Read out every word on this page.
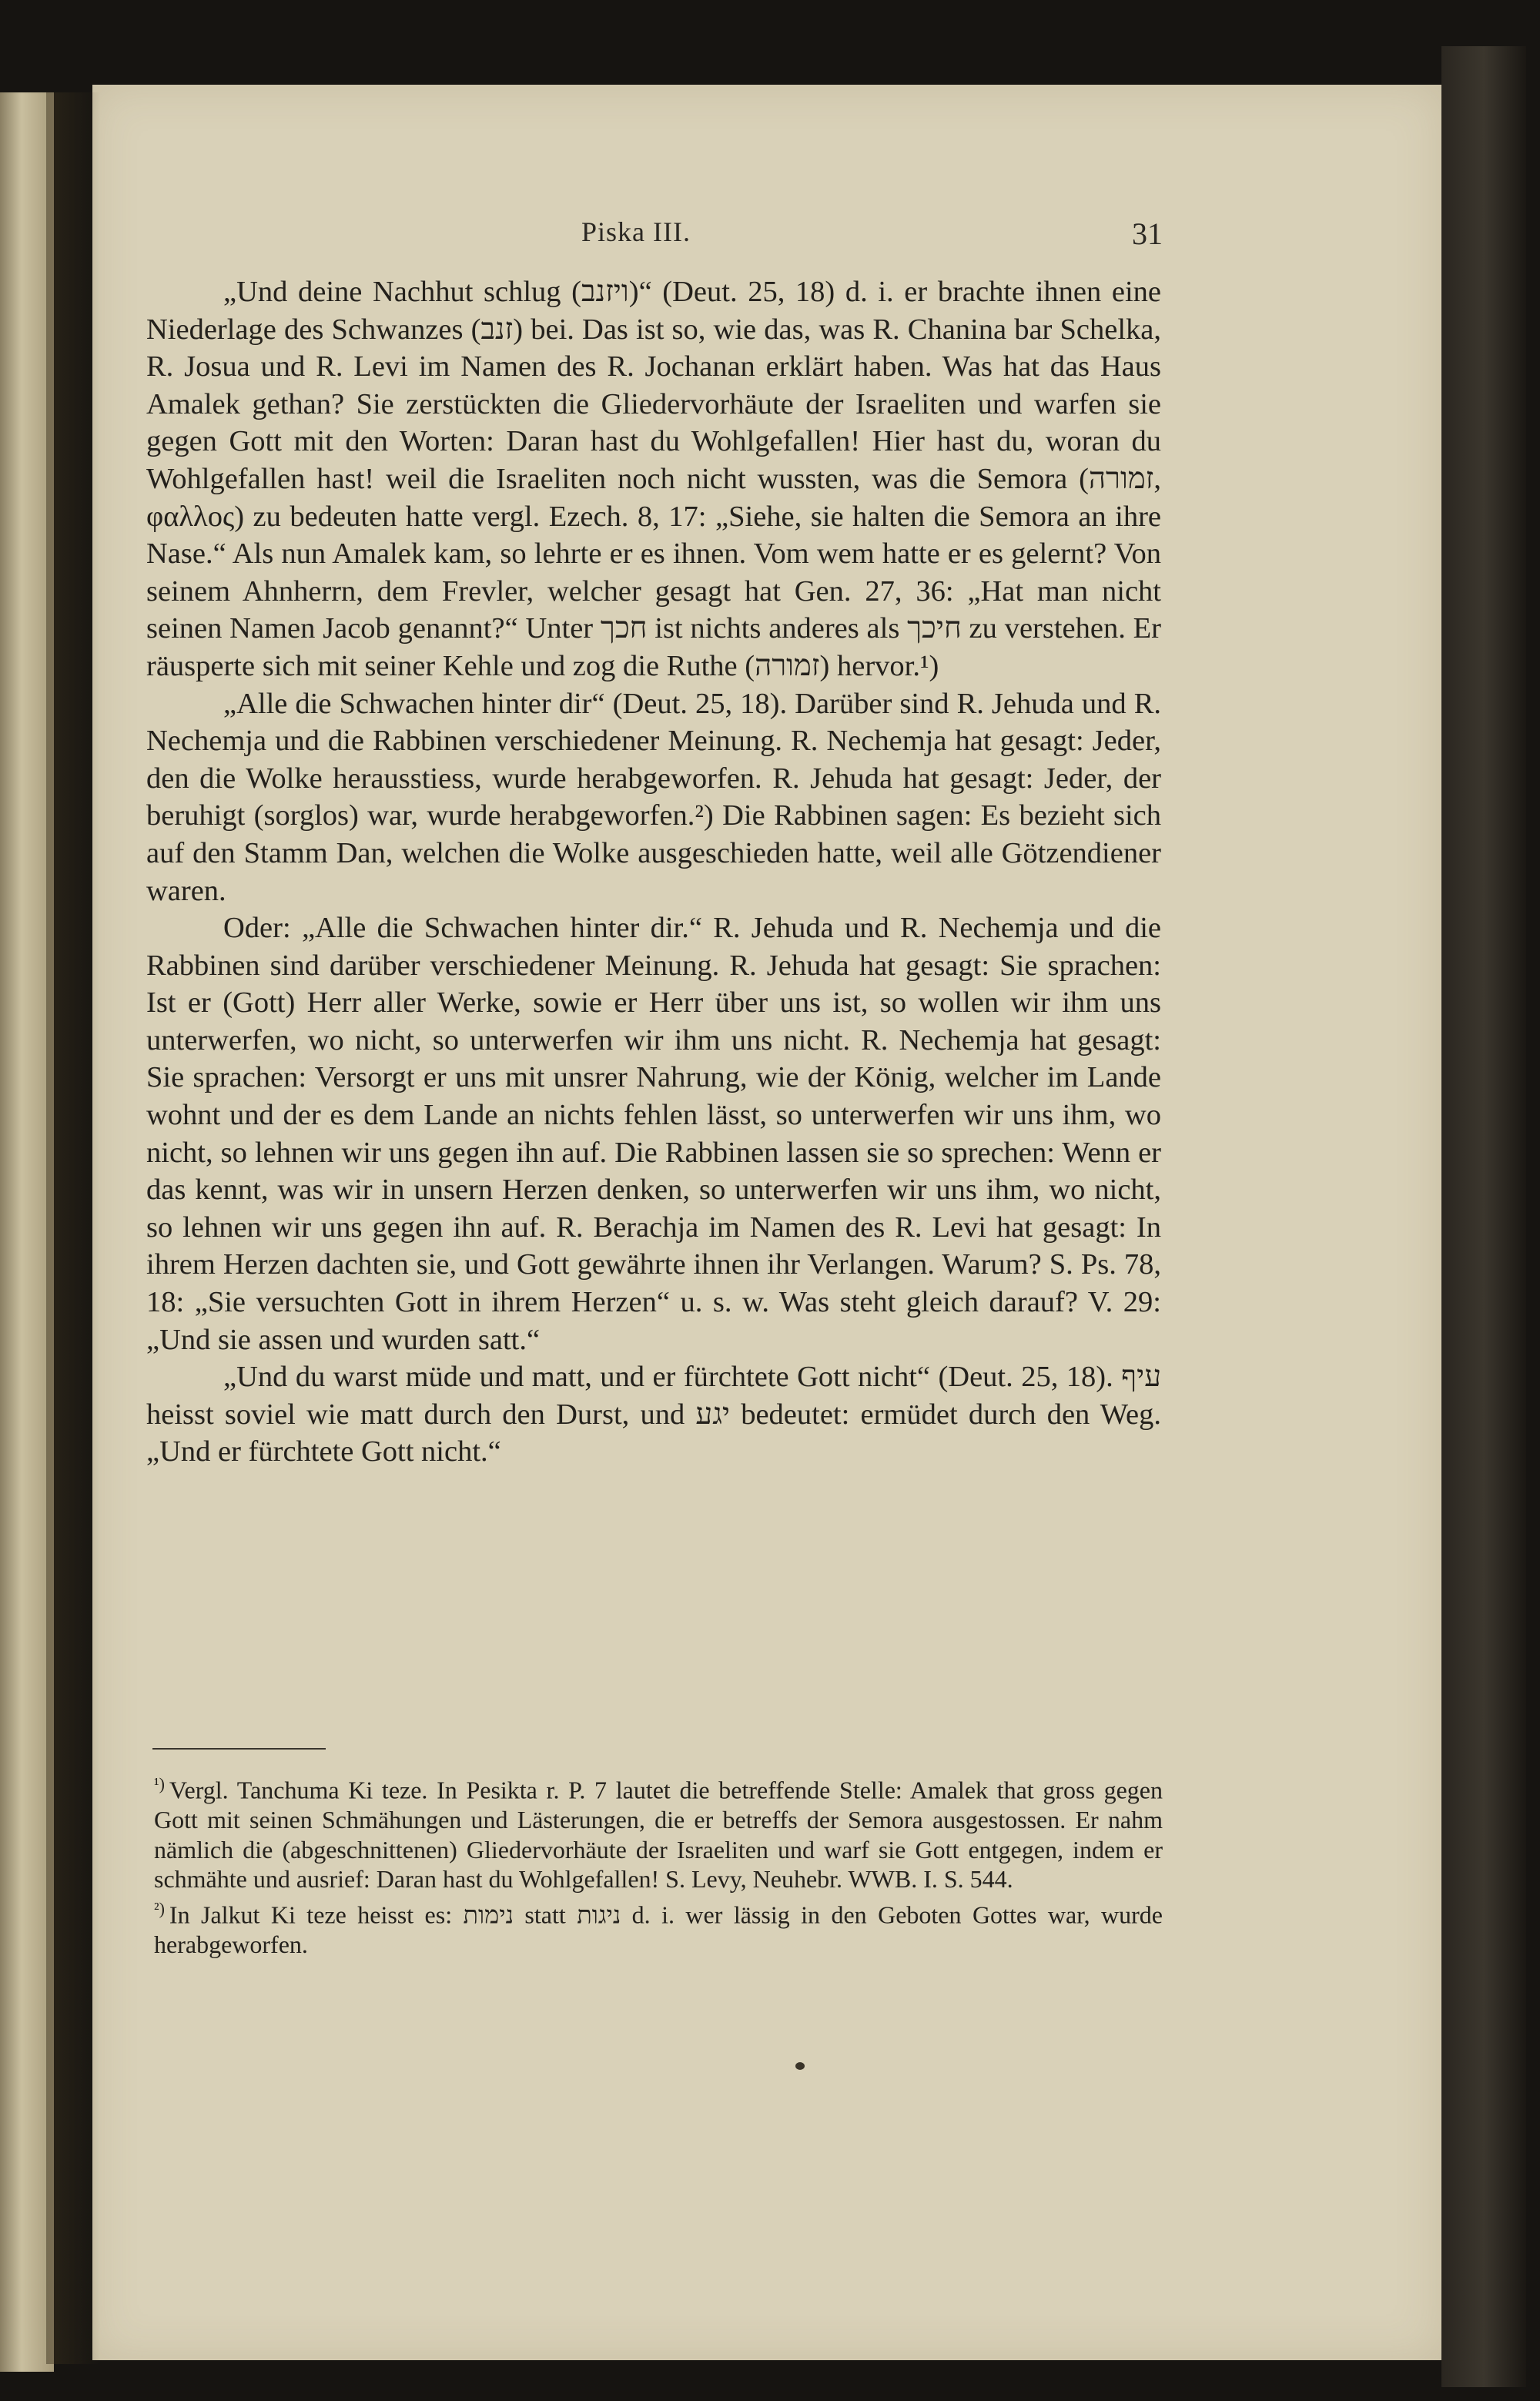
Piska III.	31

„Und deine Nachhut schlug (ויזנב)“ (Deut. 25, 18) d. i. er brachte ihnen eine Niederlage des Schwanzes (זנב) bei. Das ist so, wie das, was R. Chanina bar Schelka, R. Josua und R. Levi im Namen des R. Jochanan erklärt haben. Was hat das Haus Amalek gethan? Sie zerstückten die Gliedervorhäute der Israeliten und warfen sie gegen Gott mit den Worten: Daran hast du Wohlgefallen! Hier hast du, woran du Wohlgefallen hast! weil die Israeliten noch nicht wussten, was die Semora (זמורה, φαλλος) zu bedeuten hatte vergl. Ezech. 8, 17: „Siehe, sie halten die Semora an ihre Nase.“ Als nun Amalek kam, so lehrte er es ihnen. Vom wem hatte er es gelernt? Von seinem Ahnherrn, dem Frevler, welcher gesagt hat Gen. 27, 36: „Hat man nicht seinen Namen Jacob genannt?“ Unter חכך ist nichts anderes als חיכך zu verstehen. Er räusperte sich mit seiner Kehle und zog die Ruthe (זמורה) hervor.¹)

„Alle die Schwachen hinter dir“ (Deut. 25, 18). Darüber sind R. Jehuda und R. Nechemja und die Rabbinen verschiedener Meinung. R. Nechemja hat gesagt: Jeder, den die Wolke herausstiess, wurde herabgeworfen. R. Jehuda hat gesagt: Jeder, der beruhigt (sorglos) war, wurde herabgeworfen.²) Die Rabbinen sagen: Es bezieht sich auf den Stamm Dan, welchen die Wolke ausgeschieden hatte, weil alle Götzendiener waren.

Oder: „Alle die Schwachen hinter dir.“ R. Jehuda und R. Nechemja und die Rabbinen sind darüber verschiedener Meinung. R. Jehuda hat gesagt: Sie sprachen: Ist er (Gott) Herr aller Werke, sowie er Herr über uns ist, so wollen wir ihm uns unterwerfen, wo nicht, so unterwerfen wir ihm uns nicht. R. Nechemja hat gesagt: Sie sprachen: Versorgt er uns mit unsrer Nahrung, wie der König, welcher im Lande wohnt und der es dem Lande an nichts fehlen lässt, so unterwerfen wir uns ihm, wo nicht, so lehnen wir uns gegen ihn auf. Die Rabbinen lassen sie so sprechen: Wenn er das kennt, was wir in unsern Herzen denken, so unterwerfen wir uns ihm, wo nicht, so lehnen wir uns gegen ihn auf. R. Berachja im Namen des R. Levi hat gesagt: In ihrem Herzen dachten sie, und Gott gewährte ihnen ihr Verlangen. Warum? S. Ps. 78, 18: „Sie versuchten Gott in ihrem Herzen“ u. s. w. Was steht gleich darauf? V. 29: „Und sie assen und wurden satt.“

„Und du warst müde und matt, und er fürchtete Gott nicht“ (Deut. 25, 18). עיף heisst soviel wie matt durch den Durst, und יגע bedeutet: ermüdet durch den Weg. „Und er fürchtete Gott nicht.“

$^{^1)}$ Vergl. Tanchuma Ki teze. In Pesikta r. P. 7 lautet die betreffende Stelle: Amalek that gross gegen Gott mit seinen Schmähungen und Lästerungen, die er betreffs der Semora ausgestossen. Er nahm nämlich die (abgeschnittenen) Gliedervorhäute der Israeliten und warf sie Gott entgegen, indem er schmähte und ausrief: Daran hast du Wohlgefallen! S. Levy, Neuhebr. WWB. I. S. 544.

$^{^2)}$ In Jalkut Ki teze heisst es: נימות statt ניגות d. i. wer lässig in den Geboten Gottes war, wurde herabgeworfen.
